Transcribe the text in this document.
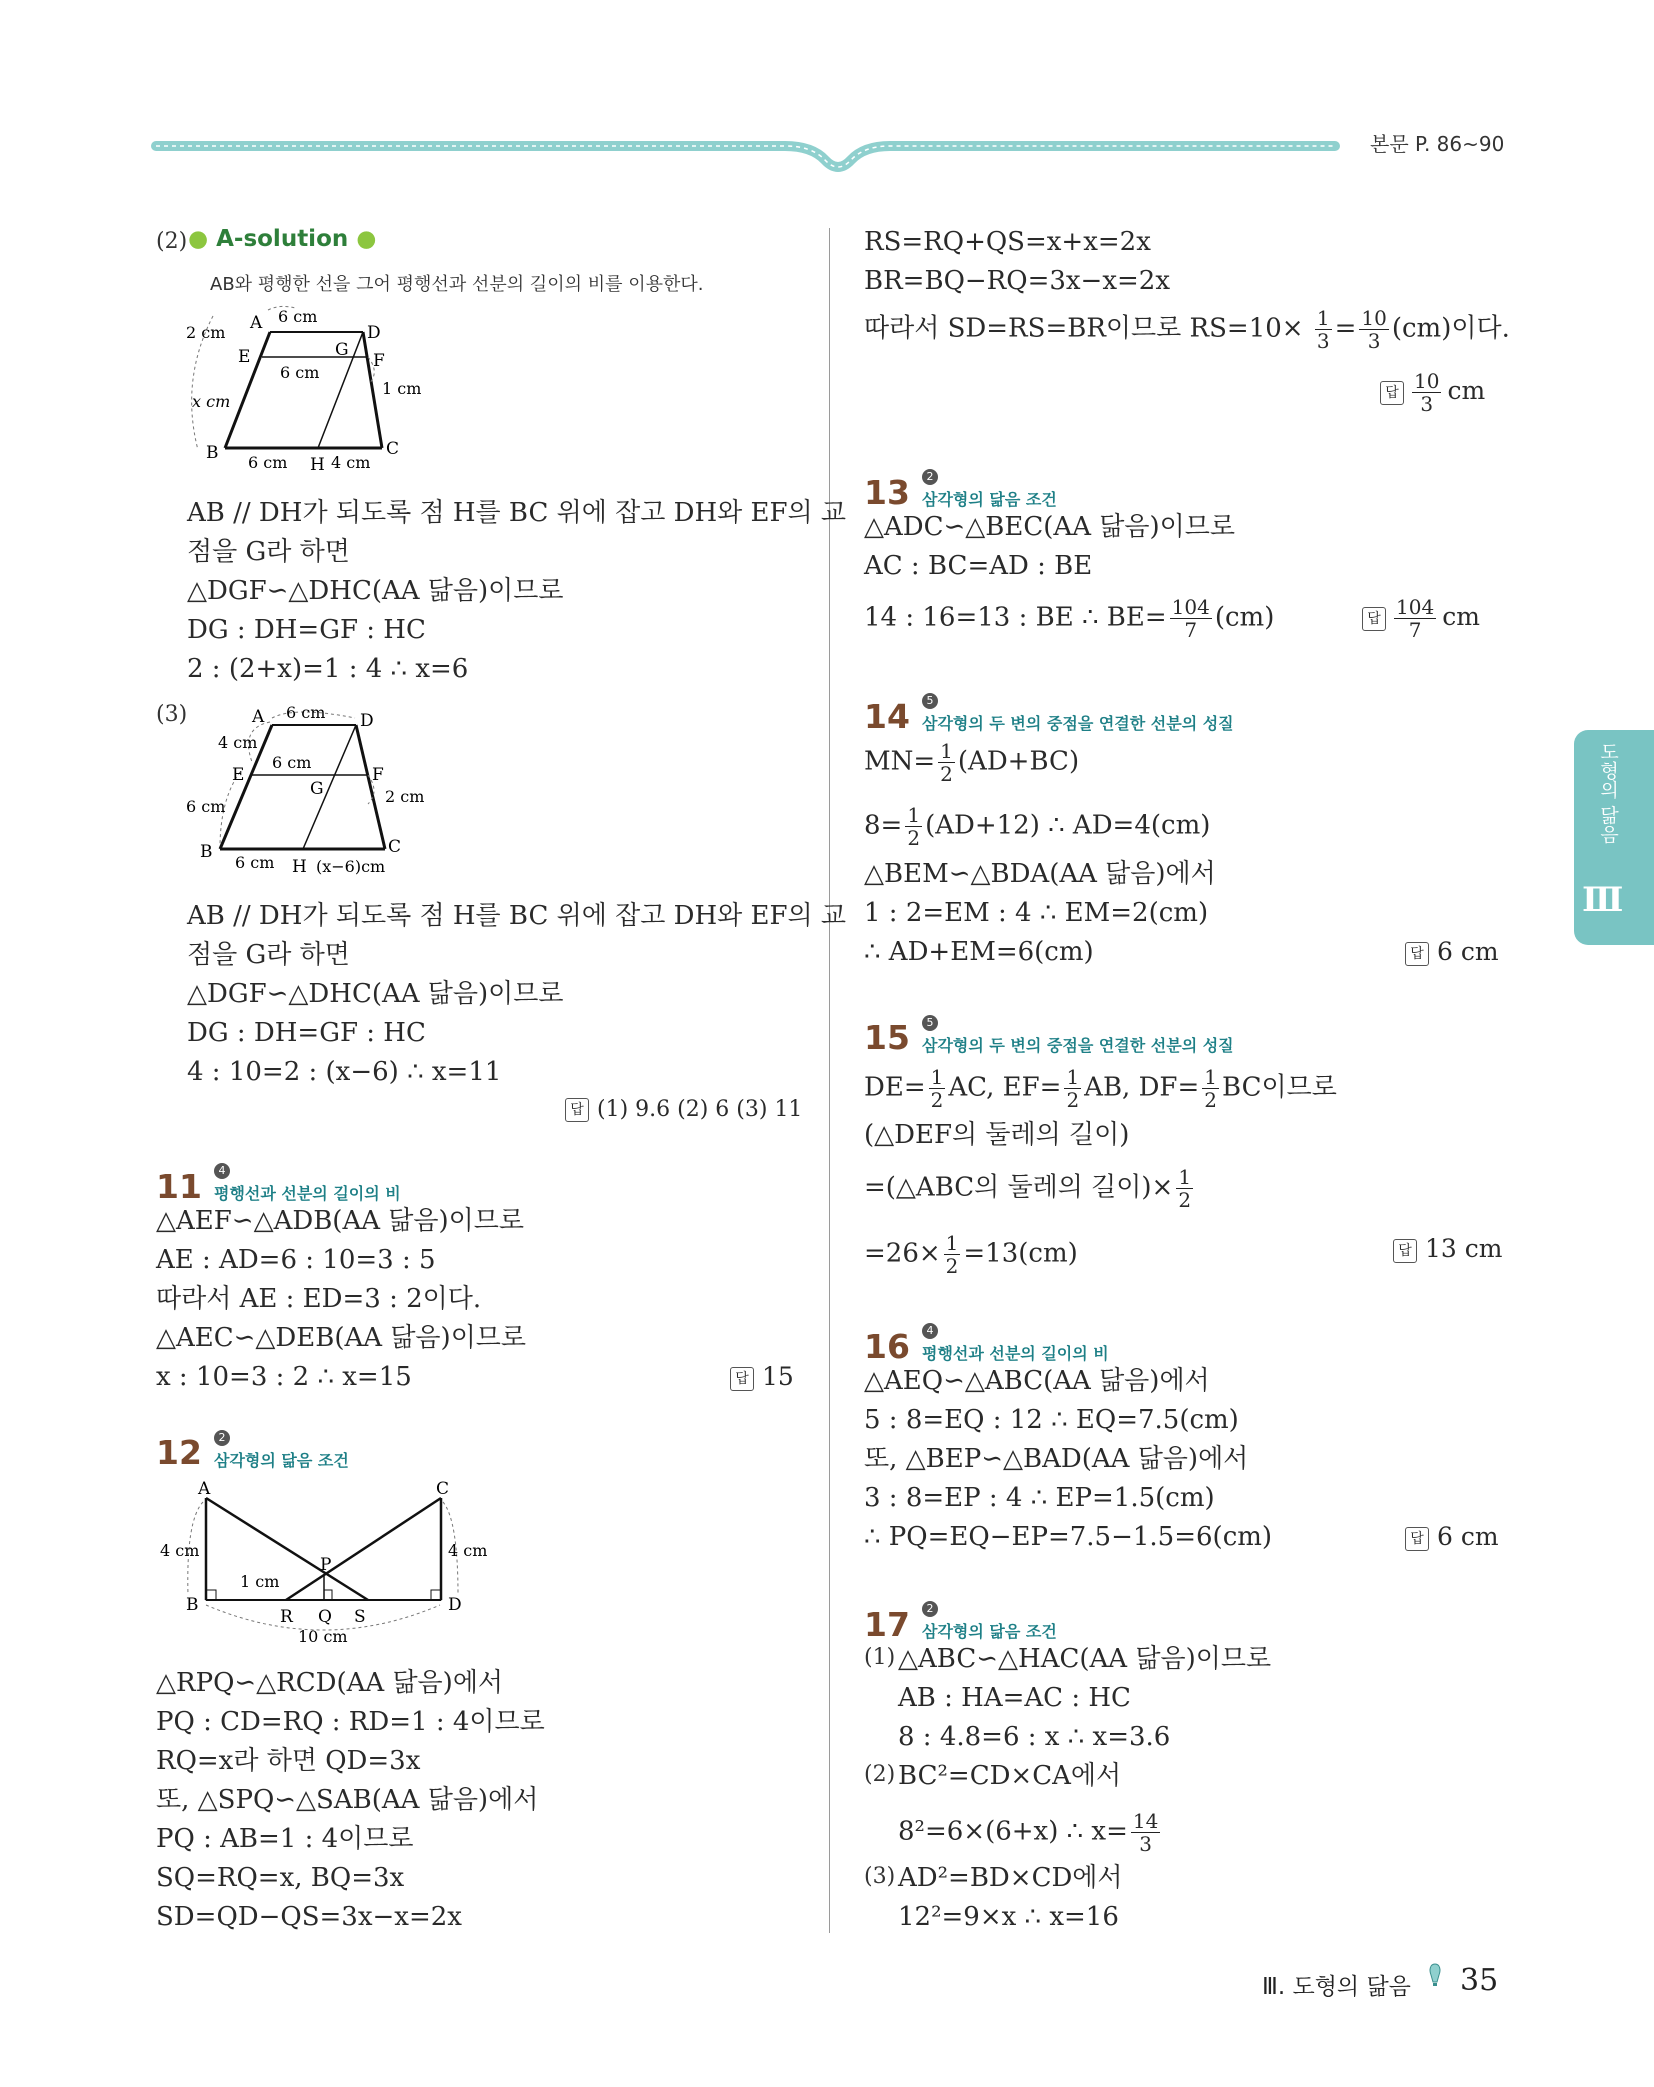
본문 P. 86~90
도형의 닮음
Ⅲ
(2) ● A-solution ●
AB와 평행한 선을 그어 평행선과 선분의 길이의 비를 이용한다.
A	D
E	G
F
B
H
C
2 cm
6 cm
6 cm
1 cm
x cm
6 cm	4 cm
AB // DH가 되도록 점 H를 BC 위에 잡고 DH와 EF의 교
점을 G라 하면
△DGF∽△DHC(AA 닮음)이므로
DG : DH=GF : HC
2 : (2+x)=1 : 4 ∴ x=6
(3)	A	D
E
G
F
B
H
C
6 cm
4 cm
6 cm
6 cm
2 cm
6 cm	(x−6)cm
AB // DH가 되도록 점 H를 BC 위에 잡고 DH와 EF의 교
점을 G라 하면
△DGF∽△DHC(AA 닮음)이므로
DG : DH=GF : HC
4 : 10=2 : (x−6) ∴ x=11
답 (1) 9.6 (2) 6 (3) 11
11	4
평행선과 선분의 길이의 비
△AEF∽△ADB(AA 닮음)이므로
AE : AD=6 : 10=3 : 5
따라서 AE : ED=3 : 2이다.
△AEC∽△DEB(AA 닮음)이므로
x : 10=3 : 2 ∴ x=15	답 15
12	2
삼각형의 닮음 조건
A	C
P
B
R Q S
D
4 cm	4 cm
1 cm
10 cm
△RPQ∽△RCD(AA 닮음)에서
PQ : CD=RQ : RD=1 : 4이므로
RQ=x라 하면 QD=3x
또, △SPQ∽△SAB(AA 닮음)에서
PQ : AB=1 : 4이므로
SQ=RQ=x, BQ=3x
SD=QD−QS=3x−x=2x
RS=RQ+QS=x+x=2x
BR=BQ−RQ=3x−x=2x
따라서 SD=RS=BR이므로 $RS=10\times \frac{1}{3} = \frac{10}{3} (cm)$이다.
답 $\frac{10}{3}$ cm
13	2
삼각형의 닮음 조건
△ADC∽△BEC(AA 닮음)이므로
AC : BC=AD : BE
14 : 16=13 : BE ∴ $BE= \frac{104}{7} (cm)$	답 $\frac{104}{7}$ cm
14	5
삼각형의 두 변의 중점을 연결한 선분의 성질
$MN= \frac{1}{2} (AD+BC)$
$8= \frac{1}{2} (AD+12)$ ∴ AD=4(cm)
△BEM∽△BDA(AA 닮음)에서
1 : 2=EM : 4 ∴ EM=2(cm)
∴ AD+EM=6(cm)	답 6 cm
15	5
삼각형의 두 변의 중점을 연결한 선분의 성질
$DE= \frac{1}{2}$ AC, $EF= \frac{1}{2}$ AB, $DF= \frac{1}{2}$ BC이므로
(△DEF의 둘레의 길이)
=(△ABC의 둘레의 길이)× $\frac{1}{2}$
$=26\times \frac{1}{2} =13(cm)$	답 13 cm
16	4
평행선과 선분의 길이의 비
△AEQ∽△ABC(AA 닮음)에서
5 : 8=EQ : 12 ∴ EQ=7.5(cm)
또, △BEP∽△BAD(AA 닮음)에서
3 : 8=EP : 4 ∴ EP=1.5(cm)
∴ PQ=EQ−EP=7.5−1.5=6(cm)	답 6 cm
17	2
삼각형의 닮음 조건
(1) △ABC∽△HAC(AA 닮음)이므로
AB : HA=AC : HC
8 : 4.8=6 : x ∴ x=3.6
(2) BC²=CD×CA에서
8²=6×(6+x) ∴ $x= \frac{14}{3}$
(3) AD²=BD×CD에서
12²=9×x ∴ x=16
Ⅲ. 도형의 닮음 35
